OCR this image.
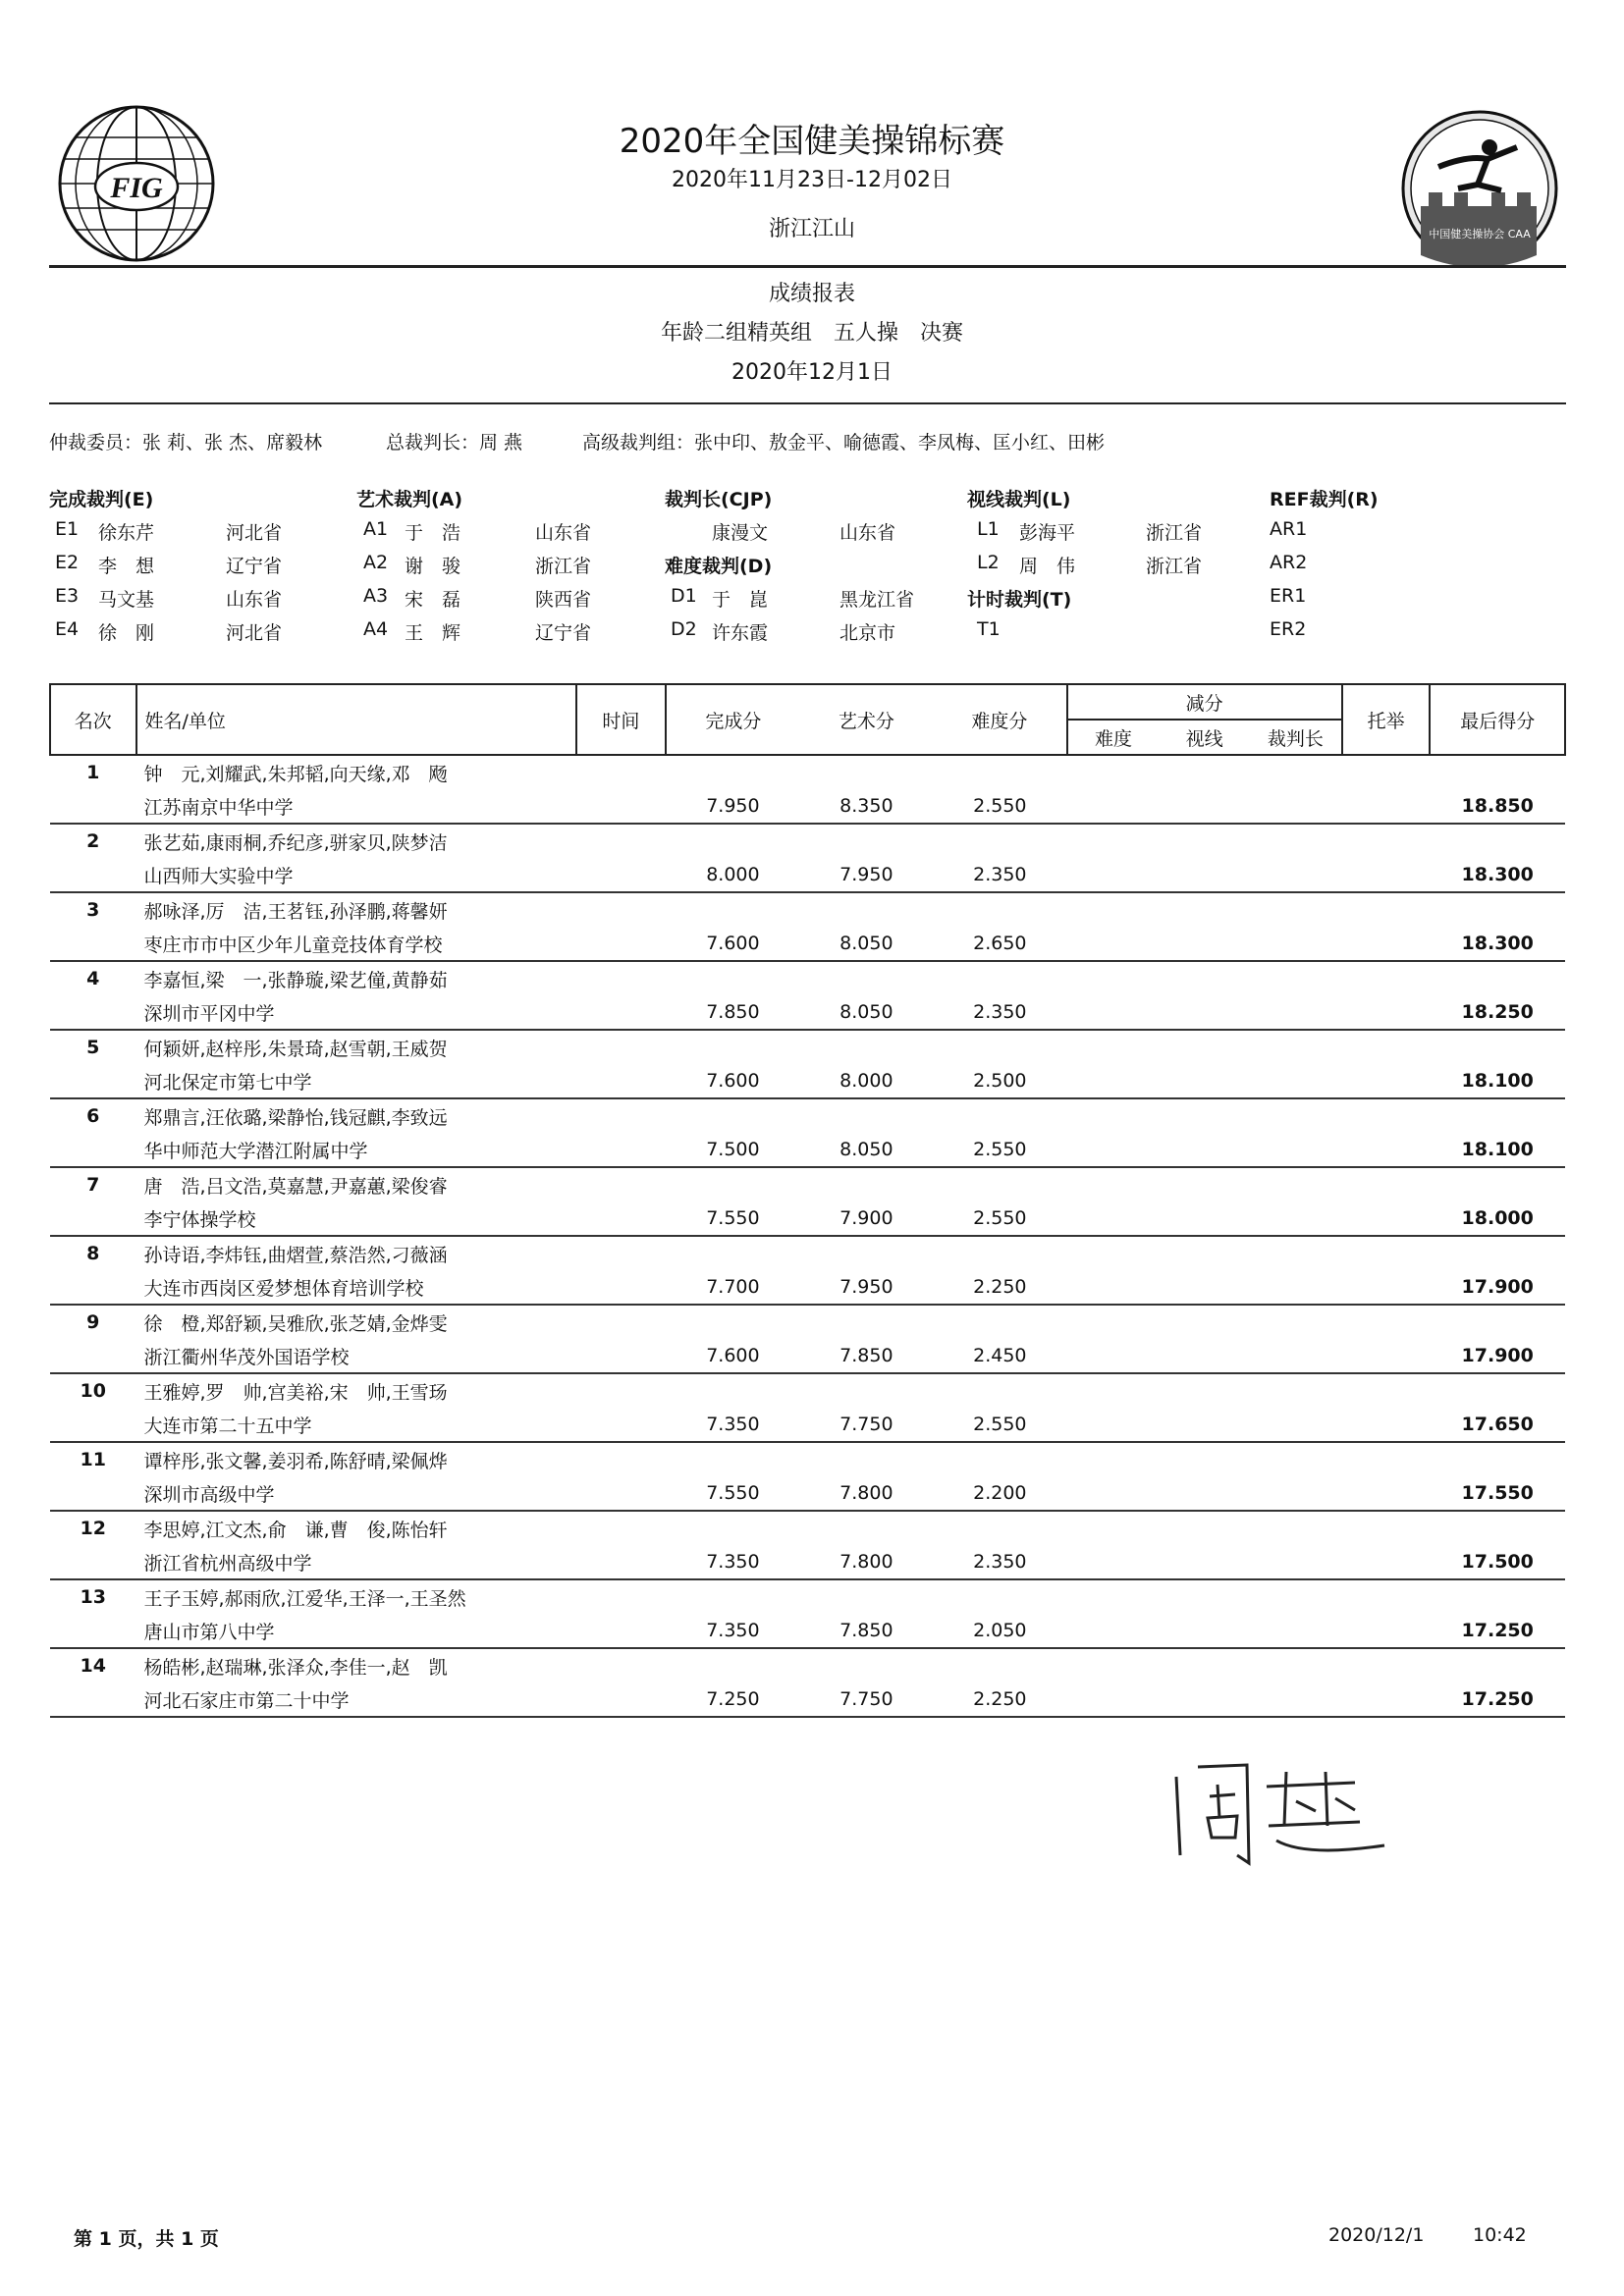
FIG
中国健美操协会 CAA
2020年全国健美操锦标赛
2020年11月23日-12月02日
浙江江山
成绩报表
年龄二组精英组　五人操　决赛
2020年12月1日
仲裁委员：张 莉、张 杰、席毅林	总裁判长：周 燕	高级裁判组：张中印、敖金平、喻德霞、李凤梅、匡小红、田彬
完成裁判(E)
E1 徐东芹	河北省
E2 李　想	辽宁省
E3 马文基	山东省
E4 徐　刚	河北省
艺术裁判(A)
A1 于　浩	山东省
A2 谢　骏	浙江省
A3 宋　磊	陕西省
A4 王　辉	辽宁省
裁判长(CJP)
康漫文	山东省
难度裁判(D)
D1 于　崑	黑龙江省
D2 许东霞	北京市
视线裁判(L)
L1 彭海平	浙江省
L2 周　伟	浙江省
计时裁判(T)
T1
REF裁判(R)
AR1
AR2
ER1
ER2
名次	姓名/单位	时间	完成分	艺术分	难度分	减分			托举	最后得分
						难度	视线	裁判长		
1	钟　元,刘耀武,朱邦韬,向天缘,邓　飏									
	江苏南京中华中学		7.950	8.350	2.550					18.850
2	张艺茹,康雨桐,乔纪彦,骈家贝,陕梦洁									
	山西师大实验中学		8.000	7.950	2.350					18.300
3	郝咏泽,厉　洁,王茗钰,孙泽鹏,蒋馨妍									
	枣庄市市中区少年儿童竞技体育学校		7.600	8.050	2.650					18.300
4	李嘉恒,梁　一,张静璇,梁艺僮,黄静茹									
	深圳市平冈中学		7.850	8.050	2.350					18.250
5	何颖妍,赵梓彤,朱景琦,赵雪朝,王威贺									
	河北保定市第七中学		7.600	8.000	2.500					18.100
6	郑鼎言,汪依璐,梁静怡,钱冠麒,李致远									
	华中师范大学潜江附属中学		7.500	8.050	2.550					18.100
7	唐　浩,吕文浩,莫嘉慧,尹嘉蕙,梁俊睿									
	李宁体操学校		7.550	7.900	2.550					18.000
8	孙诗语,李炜钰,曲熠萱,蔡浩然,刁薇涵									
	大连市西岗区爱梦想体育培训学校		7.700	7.950	2.250					17.900
9	徐　橙,郑舒颖,吴雅欣,张芝婧,金烨雯									
	浙江衢州华茂外国语学校		7.600	7.850	2.450					17.900
10	王雅婷,罗　帅,宫美裕,宋　帅,王雪玚									
	大连市第二十五中学		7.350	7.750	2.550					17.650
11	谭梓彤,张文馨,姜羽希,陈舒晴,梁佩烨									
	深圳市高级中学		7.550	7.800	2.200					17.550
12	李思婷,江文杰,俞　谦,曹　俊,陈怡轩									
	浙江省杭州高级中学		7.350	7.800	2.350					17.500
13	王子玉婷,郝雨欣,江爱华,王泽一,王圣然									
	唐山市第八中学		7.350	7.850	2.050					17.250
14	杨皓彬,赵瑞琳,张泽众,李佳一,赵　凯									
	河北石家庄市第二十中学		7.250	7.750	2.250					17.250
第 1 页，共 1 页	2020/12/1	10:42
